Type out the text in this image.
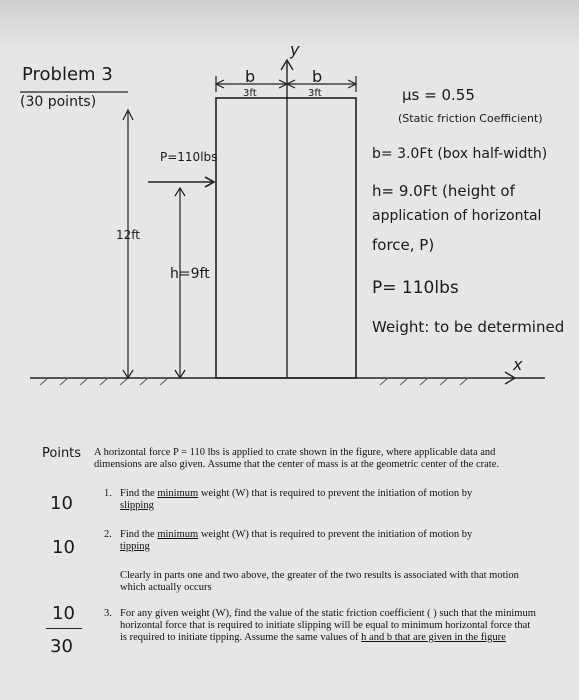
Problem 3
(30 points)
b	b
3ft	3ft
y
x
P=110lbs
12ft
h=9ft
μs = 0.55
(Static friction Coefficient)
b= 3.0Ft (box half-width)
h= 9.0Ft (height of
application of horizontal
force, P)
P= 110lbs
Weight: to be determined
Points A horizontal force P = 110 lbs is applied to crate shown in the figure, where applicable data and dimensions are also given. Assume that the center of mass is at the geometric center of the crate.
1. Find the minimum weight (W) that is required to prevent the initiation of motion by
slipping
10
2. Find the minimum weight (W) that is required to prevent the initiation of motion by
tipping
10
Clearly in parts one and two above, the greater of the two results is associated with that motion which actually occurs
3. For any given weight (W), find the value of the static friction coefficient ( ) such that the minimum horizontal force that is required to initiate slipping will be equal to minimum horizontal force that is required to initiate tipping. Assume the same values of h and b that are given in the figure
10
30
